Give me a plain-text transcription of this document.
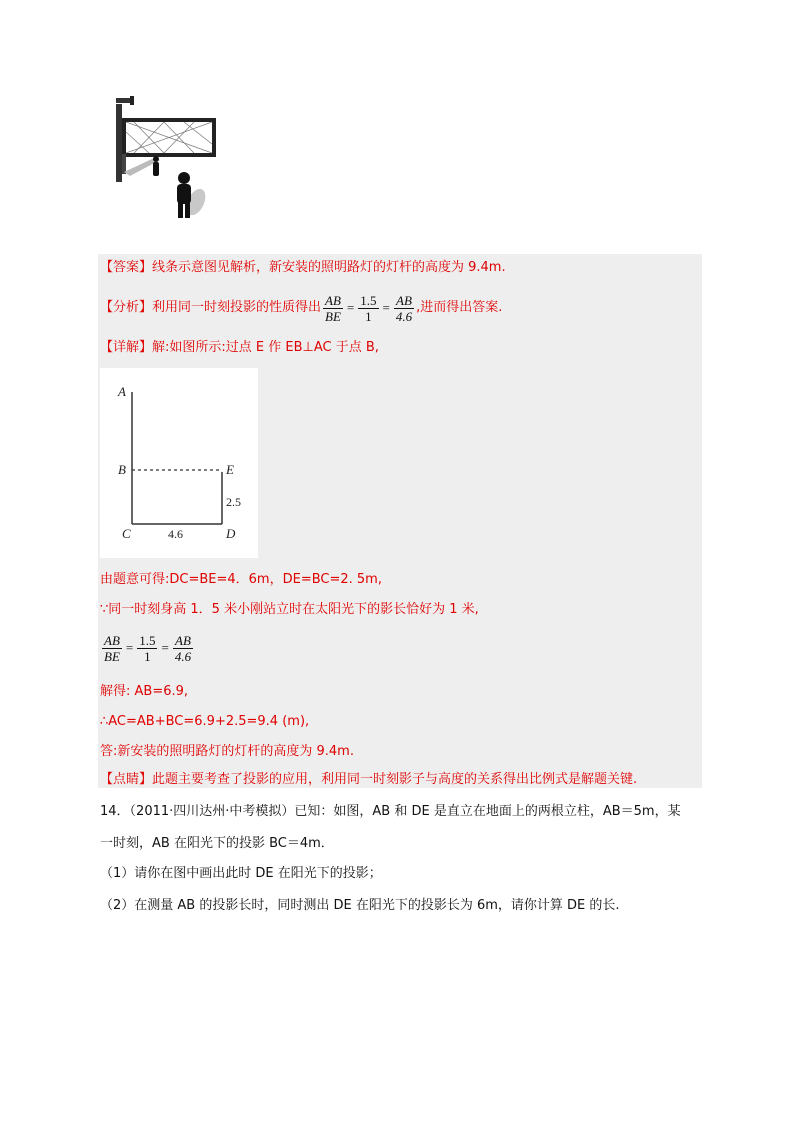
【答案】线条示意图见解析，新安装的照明路灯的灯杆的高度为 9.4m.
【分析】利用同一时刻投影的性质得出 $\frac{AB}{BE} = \frac{1.5}{1} = \frac{AB}{4.6}$ ,进而得出答案.
【详解】解:如图所示:过点 E 作 EB⊥AC 于点 B,
A
B	E
C	D
4.6
2.5
由题意可得:DC=BE=4．6m，DE=BC=2. 5m,
∵同一时刻身高 1．5 米小刚站立时在太阳光下的影长恰好为 1 米,
$\frac{AB}{BE} = \frac{1.5}{1} = \frac{AB}{4.6}$
解得: AB=6.9,
∴AC=AB+BC=6.9+2.5=9.4 (m),
答:新安装的照明路灯的灯杆的高度为 9.4m.
【点睛】此题主要考查了投影的应用，利用同一时刻影子与高度的关系得出比例式是解题关键.
14．（2011·四川达州·中考模拟）已知：如图，AB 和 DE 是直立在地面上的两根立柱，AB＝5m，某
一时刻，AB 在阳光下的投影 BC＝4m．
（1）请你在图中画出此时 DE 在阳光下的投影；
（2）在测量 AB 的投影长时，同时测出 DE 在阳光下的投影长为 6m，请你计算 DE 的长.
